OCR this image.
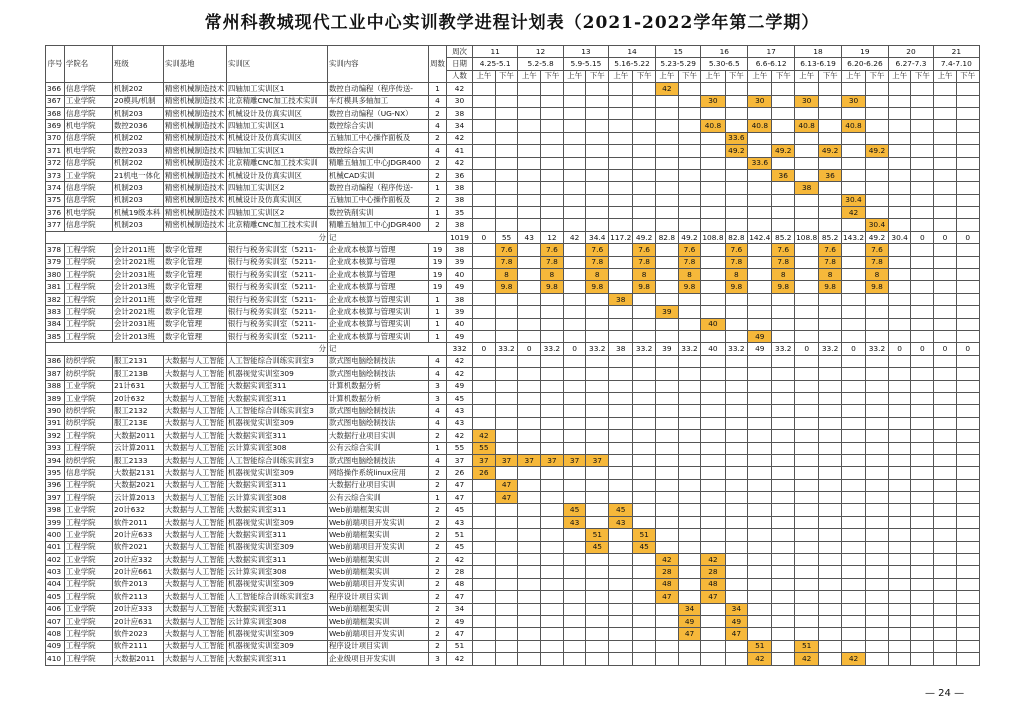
常州科教城现代工业中心实训教学进程计划表（2021-2022学年第二学期）
序号	学院名	班级	实训基地	实训区	实训内容	周数	周次	11		12		13		14		15		16		17		18		19		20		21	
							日期	4.25-5.1		5.2-5.8		5.9-5.15		5.16-5.22		5.23-5.29		5.30-6.5		6.6-6.12		6.13-6.19		6.20-6.26		6.27-7.3		7.4-7.10	
							人数	上午	下午	上午	下午	上午	下午	上午	下午	上午	下午	上午	下午	上午	下午	上午	下午	上午	下午	上午	下午	上午	下午
366	信息学院	机制202	精密机械制造技术	四轴加工实训区1	数控自动编程（程序传送-	1	42									42													
367	工业学院	20模具/机制	精密机械制造技术	北京精雕CNC加工技术实训	车灯模具多轴加工	4	30											30		30		30		30					
368	信息学院	机制203	精密机械制造技术	机械设计及仿真实训区	数控自动编程（UG-NX）	2	38																						
369	机电学院	数控2036	精密机械制造技术	四轴加工实训区1	数控综合实训	4	34											40.8		40.8		40.8		40.8					
370	信息学院	机制202	精密机械制造技术	机械设计及仿真实训区	五轴加工中心操作面板及	2	42												33.6										
371	机电学院	数控2033	精密机械制造技术	四轴加工实训区1	数控综合实训	4	41												49.2		49.2		49.2		49.2				
372	信息学院	机制202	精密机械制造技术	北京精雕CNC加工技术实训	精雕五轴加工中心JDGR400	2	42													33.6									
373	工业学院	21机电一体化	精密机械制造技术	机械设计及仿真实训区	机械CAD实训	2	36														36		36						
374	信息学院	机制203	精密机械制造技术	四轴加工实训区2	数控自动编程（程序传送-	1	38															38							
375	信息学院	机制203	精密机械制造技术	机械设计及仿真实训区	五轴加工中心操作面板及	2	38																	30.4					
376	机电学院	机械19级本科	精密机械制造技术	四轴加工实训区2	数控铣削实训	1	35																	42					
377	信息学院	机制203	精密机械制造技术	北京精雕CNC加工技术实训	精雕五轴加工中心JDGR400	2	38																		30.4				
				分	记		1019	0	55	43	12	42	34.4	117.2	49.2	82.8	49.2	108.8	82.8	142.4	85.2	108.8	85.2	143.2	49.2	30.4	0	0	0
378	工程学院	会计2011班	数字化管理	银行与税务实训室（5211-	企业成本核算与管理	19	38		7.6		7.6		7.6		7.6		7.6		7.6		7.6		7.6		7.6				
379	工程学院	会计2021班	数字化管理	银行与税务实训室（5211-	企业成本核算与管理	19	39		7.8		7.8		7.8		7.8		7.8		7.8		7.8		7.8		7.8				
380	工程学院	会计2031班	数字化管理	银行与税务实训室（5211-	企业成本核算与管理	19	40		8		8		8		8		8		8		8		8		8				
381	工程学院	会计2013班	数字化管理	银行与税务实训室（5211-	企业成本核算与管理	19	49		9.8		9.8		9.8		9.8		9.8		9.8		9.8		9.8		9.8				
382	工程学院	会计2011班	数字化管理	银行与税务实训室（5211-	企业成本核算与管理实训	1	38							38															
383	工程学院	会计2021班	数字化管理	银行与税务实训室（5211-	企业成本核算与管理实训	1	39									39													
384	工程学院	会计2031班	数字化管理	银行与税务实训室（5211-	企业成本核算与管理实训	1	40											40											
385	工程学院	会计2013班	数字化管理	银行与税务实训室（5211-	企业成本核算与管理实训	1	49													49									
				分	记		332	0	33.2	0	33.2	0	33.2	38	33.2	39	33.2	40	33.2	49	33.2	0	33.2	0	33.2	0	0	0	0
386	纺织学院	服工2131	大数据与人工智能	人工智能综合训练实训室3	款式图电脑绘制技法	4	42																						
387	纺织学院	服工213B	大数据与人工智能	机器视觉实训室309	款式图电脑绘制技法	4	42																						
388	工业学院	21计631	大数据与人工智能	大数据实训室311	计算机数据分析	3	49																						
389	工业学院	20计632	大数据与人工智能	大数据实训室311	计算机数据分析	3	45																						
390	纺织学院	服工2132	大数据与人工智能	人工智能综合训练实训室3	款式图电脑绘制技法	4	43																						
391	纺织学院	服工213E	大数据与人工智能	机器视觉实训室309	款式图电脑绘制技法	4	43																						
392	工程学院	大数据2011	大数据与人工智能	大数据实训室311	大数据行业项目实训	2	42	42																					
393	工程学院	云计算2011	大数据与人工智能	云计算实训室308	公有云综合实训	1	55	55																					
394	纺织学院	服工2133	大数据与人工智能	人工智能综合训练实训室3	款式图电脑绘制技法	4	37	37	37	37	37	37	37																
395	信息学院	大数据2131	大数据与人工智能	机器视觉实训室309	网络操作系统linux应用	2	26	26																					
396	工程学院	大数据2021	大数据与人工智能	大数据实训室311	大数据行业项目实训	2	47		47																				
397	工程学院	云计算2013	大数据与人工智能	云计算实训室308	公有云综合实训	1	47		47																				
398	工业学院	20计632	大数据与人工智能	大数据实训室311	Web前端框架实训	2	45					45		45															
399	工程学院	软件2011	大数据与人工智能	机器视觉实训室309	Web前端项目开发实训	2	43					43		43															
400	工业学院	20计应633	大数据与人工智能	大数据实训室311	Web前端框架实训	2	51						51		51														
401	工程学院	软件2021	大数据与人工智能	机器视觉实训室309	Web前端项目开发实训	2	45						45		45														
402	工业学院	20计应332	大数据与人工智能	大数据实训室311	Web前端框架实训	2	42									42		42											
403	工业学院	20计应661	大数据与人工智能	云计算实训室308	Web前端框架实训	2	28									28		28											
404	工程学院	软件2013	大数据与人工智能	机器视觉实训室309	Web前端项目开发实训	2	48									48		48											
405	工程学院	软件2113	大数据与人工智能	人工智能综合训练实训室3	程序设计项目实训	2	47									47		47											
406	工业学院	20计应333	大数据与人工智能	大数据实训室311	Web前端框架实训	2	34										34		34										
407	工业学院	20计应631	大数据与人工智能	云计算实训室308	Web前端框架实训	2	49										49		49										
408	工程学院	软件2023	大数据与人工智能	机器视觉实训室309	Web前端项目开发实训	2	47										47		47										
409	工程学院	软件2111	大数据与人工智能	机器视觉实训室309	程序设计项目实训	2	51													51		51							
410	工程学院	大数据2011	大数据与人工智能	大数据实训室311	企业级项目开发实训	3	42													42		42		42					
— 24 —
